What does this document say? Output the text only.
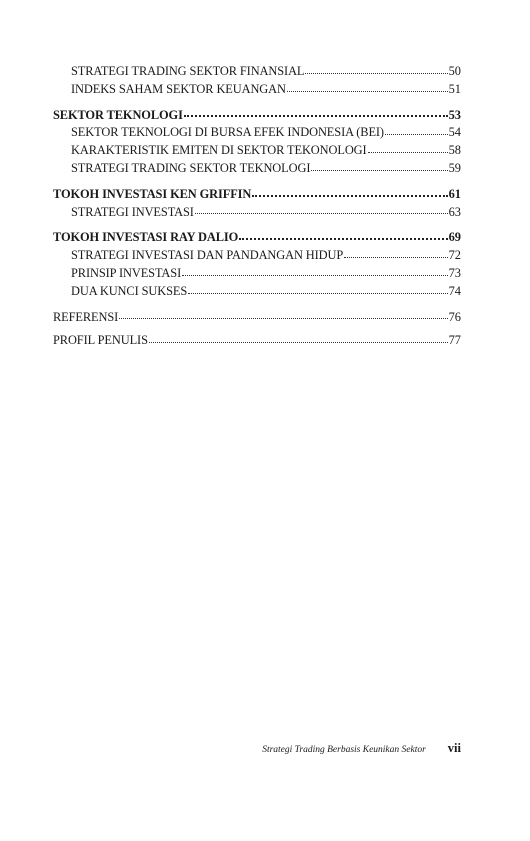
STRATEGI TRADING SEKTOR FINANSIAL	50
INDEKS SAHAM SEKTOR KEUANGAN	51
SEKTOR TEKNOLOGI	53
SEKTOR TEKNOLOGI DI BURSA EFEK INDONESIA (BEI)	54
KARAKTERISTIK EMITEN DI SEKTOR TEKONOLOGI	58
STRATEGI TRADING SEKTOR TEKNOLOGI	59
TOKOH INVESTASI KEN GRIFFIN	61
STRATEGI INVESTASI	63
TOKOH INVESTASI RAY DALIO	69
STRATEGI INVESTASI DAN PANDANGAN HIDUP	72
PRINSIP INVESTASI	73
DUA KUNCI SUKSES	74
REFERENSI	76
PROFIL PENULIS	77
Strategi Trading Berbasis Keunikan Sektor vii
